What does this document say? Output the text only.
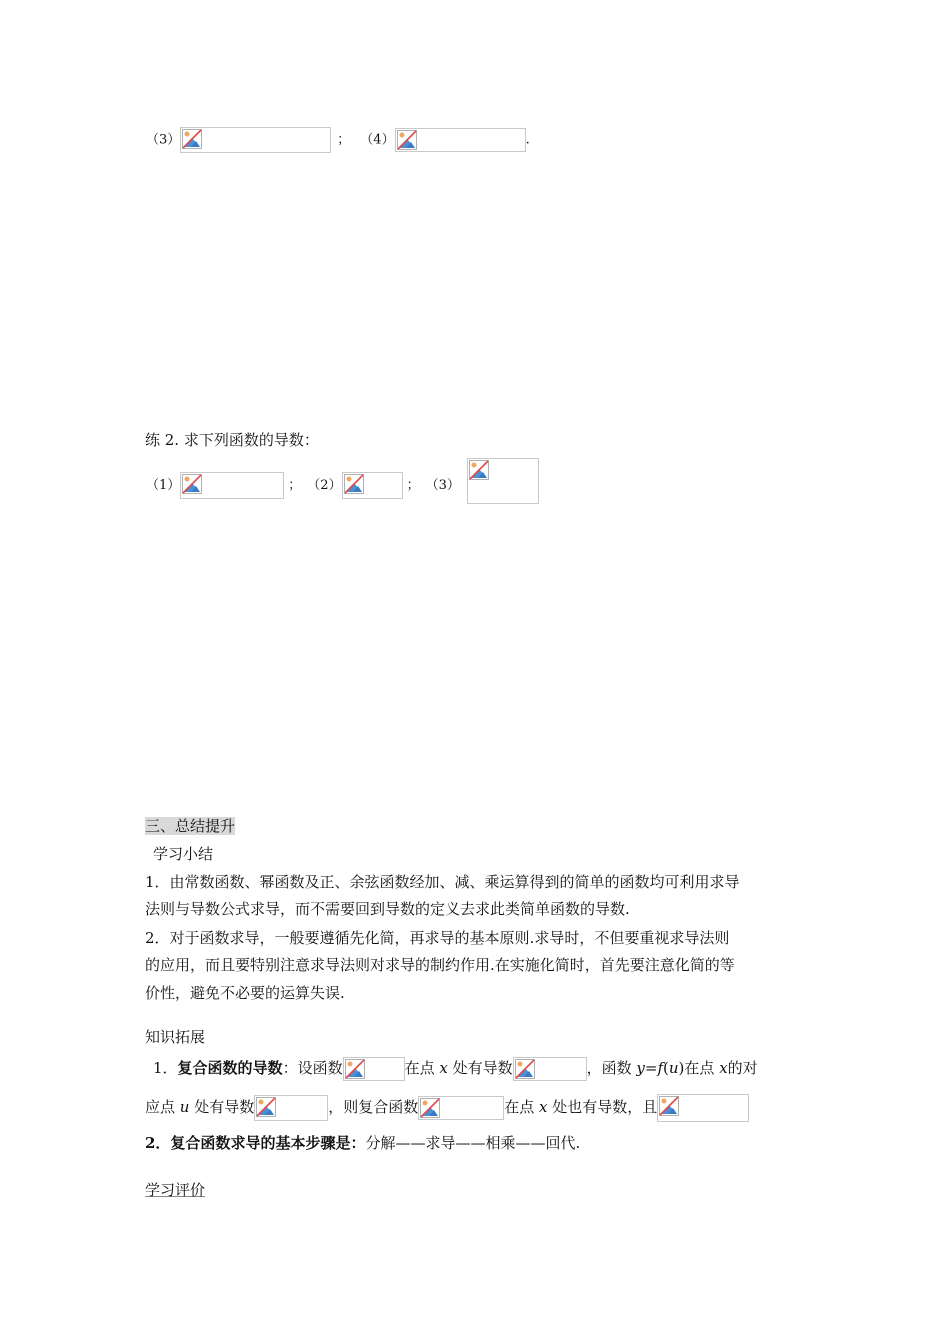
（3）	； （4）	.
练 2. 求下列函数的导数：
（1）	； （2）	； （3）
三、总结提升
学习小结
1．由常数函数、幂函数及正、余弦函数经加、减、乘运算得到的简单的函数均可利用求导
法则与导数公式求导，而不需要回到导数的定义去求此类简单函数的导数.
2．对于函数求导，一般要遵循先化简，再求导的基本原则.求导时，不但要重视求导法则
的应用，而且要特别注意求导法则对求导的制约作用.在实施化简时，首先要注意化简的等
价性，避免不必要的运算失误.
知识拓展
1．复合函数的导数：设函数	在点 x 处有导数	，函数 y=f(u)在点 x的对
应点 u 处有导数	，则复合函数	在点 x 处也有导数，且
2．复合函数求导的基本步骤是：分解——求导——相乘——回代.
学习评价
